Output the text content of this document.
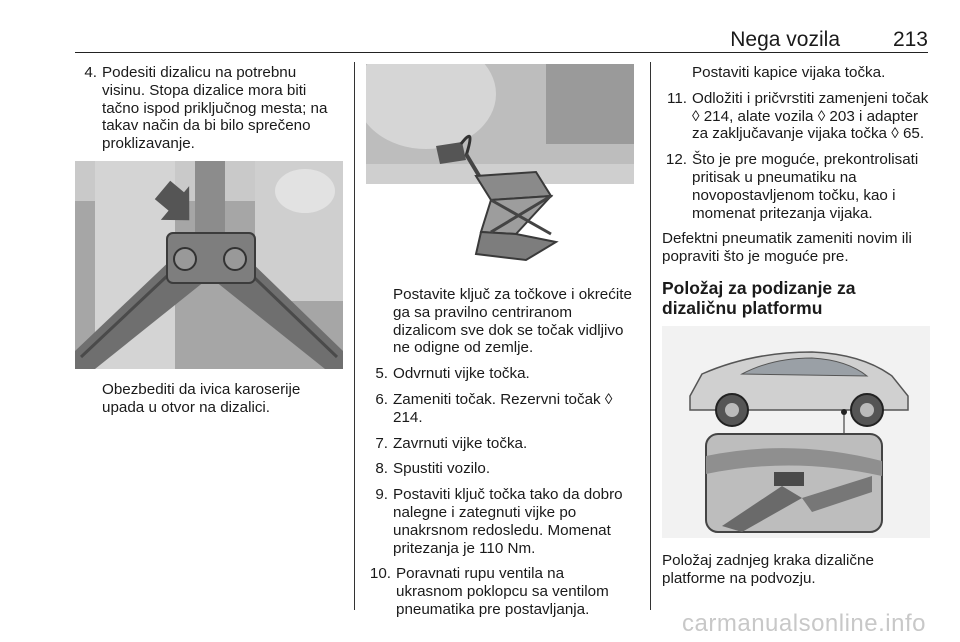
Nega vozila	213
4. Podesiti dizalicu na potrebnu visinu. Stopa dizalice mora biti tačno ispod priključnog mesta; na takav način da bi bilo sprečeno proklizavanje.
Obezbediti da ivica karoserije upada u otvor na dizalici.
Postavite ključ za točkove i okrećite ga sa pravilno centriranom dizalicom sve dok se točak vidljivo ne odigne od zemlje.
5. Odvrnuti vijke točka.
6. Zameniti točak. Rezervni točak ◊ 214.
7. Zavrnuti vijke točka.
8. Spustiti vozilo.
9. Postaviti ključ točka tako da dobro nalegne i zategnuti vijke po unakrsnom redosledu. Momenat pritezanja je 110 Nm.
10. Poravnati rupu ventila na ukrasnom poklopcu sa ventilom pneumatika pre postavljanja.
Postaviti kapice vijaka točka.
11. Odložiti i pričvrstiti zamenjeni točak ◊ 214, alate vozila ◊ 203 i adapter za zaključavanje vijaka točka ◊ 65.
12. Što je pre moguće, prekontrolisati pritisak u pneumatiku na novopostavljenom točku, kao i momenat pritezanja vijaka.
Defektni pneumatik zameniti novim ili popraviti što je moguće pre.
Položaj za podizanje za dizaličnu platformu
Položaj zadnjeg kraka dizalične platforme na podvozju.
carmanualsonline.info
